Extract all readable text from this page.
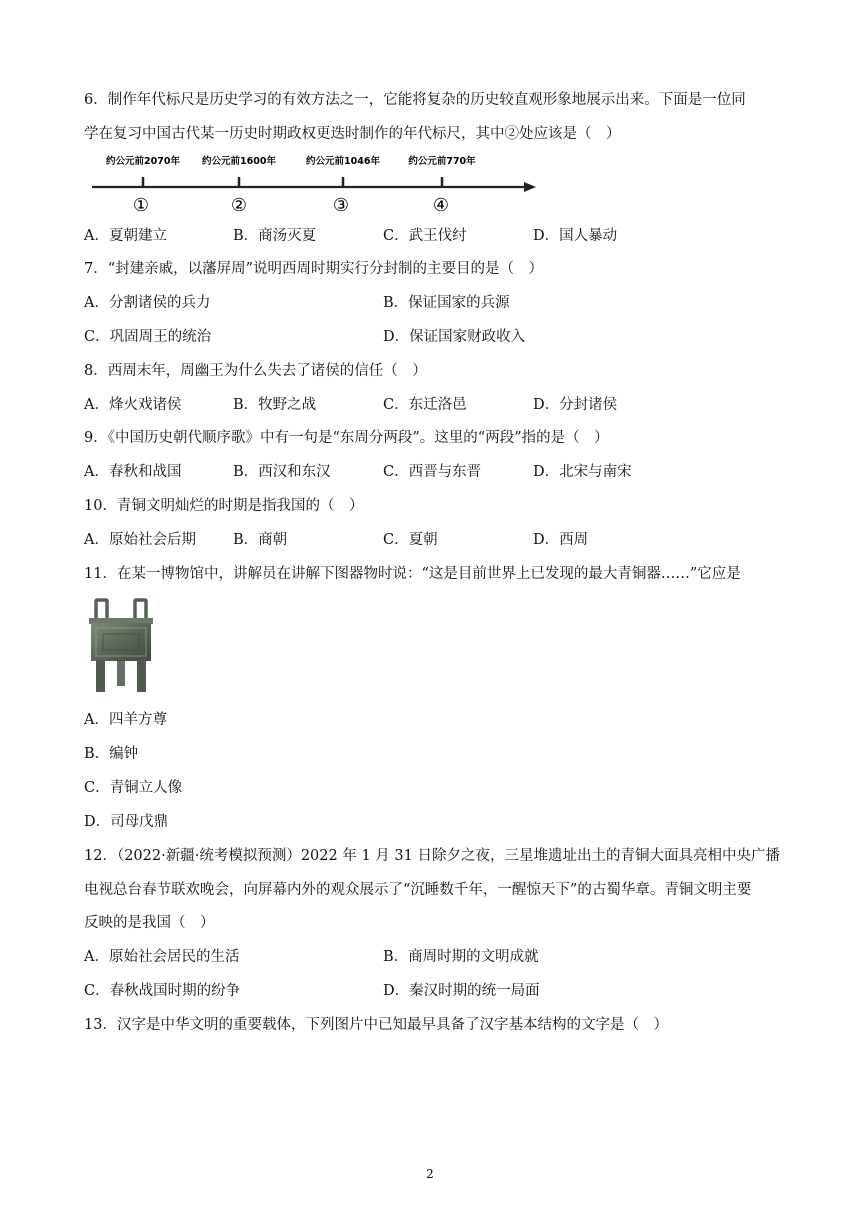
6．制作年代标尺是历史学习的有效方法之一，它能将复杂的历史较直观形象地展示出来。下面是一位同
学在复习中国古代某一历史时期政权更迭时制作的年代标尺，其中②处应该是（　）
约公元前2070年 约公元前1600年	约公元前1046年	约公元前770年
①	②	③	④
A．夏朝建立	B．商汤灭夏	C．武王伐纣	D．国人暴动
7．“封建亲戚，以藩屏周”说明西周时期实行分封制的主要目的是（　）
A．分割诸侯的兵力	B．保证国家的兵源
C．巩固周王的统治	D．保证国家财政收入
8．西周末年，周幽王为什么失去了诸侯的信任（　）
A．烽火戏诸侯	B．牧野之战	C．东迁洛邑	D．分封诸侯
9．《中国历史朝代顺序歌》中有一句是“东周分两段”。这里的“两段”指的是（　）
A．春秋和战国	B．西汉和东汉	C．西晋与东晋	D．北宋与南宋
10．青铜文明灿烂的时期是指我国的（　）
A．原始社会后期	B．商朝	C．夏朝	D．西周
11．在某一博物馆中，讲解员在讲解下图器物时说：“这是目前世界上已发现的最大青铜器……”它应是
A．四羊方尊
B．编钟
C．青铜立人像
D．司母戊鼎
12．（2022·新疆·统考模拟预测）2022 年 1 月 31 日除夕之夜，三星堆遗址出土的青铜大面具亮相中央广播
电视总台春节联欢晚会，向屏幕内外的观众展示了“沉睡数千年，一醒惊天下”的古蜀华章。青铜文明主要
反映的是我国（　）
A．原始社会居民的生活	B．商周时期的文明成就
C．春秋战国时期的纷争	D．秦汉时期的统一局面
13．汉字是中华文明的重要载体，下列图片中已知最早具备了汉字基本结构的文字是（　）
2
